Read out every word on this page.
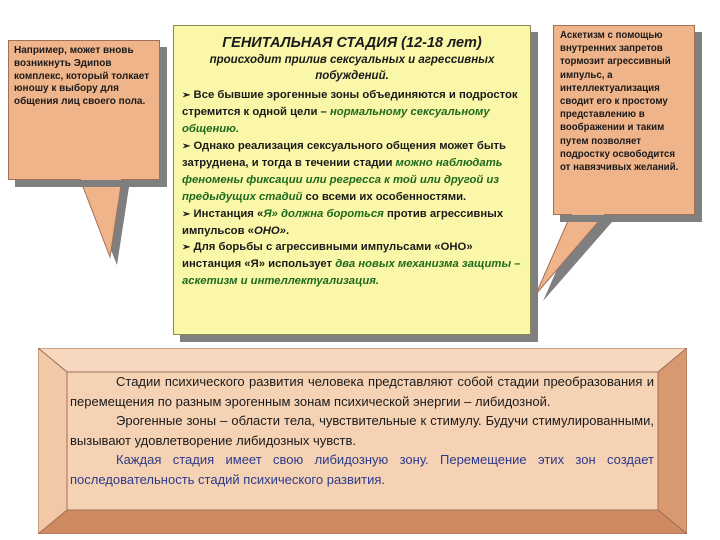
Например, может вновь возникнуть Эдипов комплекс, который толкает юношу к выбору для общения лиц своего пола.
ГЕНИТАЛЬНАЯ СТАДИЯ (12-18 лет)
происходит прилив сексуальных и агрессивных побуждений.

➢ Все бывшие эрогенные зоны объединяются и подросток стремится к одной цели – нормальному сексуальному общению.

➢ Однако реализация сексуального общения может быть затруднена, и тогда в течении стадии можно наблюдать феномены фиксации или регресса к той или другой из предыдущих стадий со всеми их особенностями.

➢ Инстанция «Я» должна бороться против агрессивных импульсов «ОНО».

➢ Для борьбы с агрессивными импульсами «ОНО» инстанция «Я» использует два новых механизма защиты – аскетизм и интеллектуализация.

Аскетизм с помощью внутренних запретов тормозит агрессивный импульс, а интеллектуализация сводит его к простому представлению в воображении и таким путем позволяет подростку освободится от навязчивых желаний.

Стадии психического развития человека представляют собой стадии преобразования и перемещения по разным эрогенным зонам психической энергии – либидозной.

Эрогенные зоны – области тела, чувствительные к стимулу. Будучи стимулированными, вызывают удовлетворение либидозных чувств.

Каждая стадия имеет свою либидозную зону. Перемещение этих зон создает последовательность стадий психического развития.
